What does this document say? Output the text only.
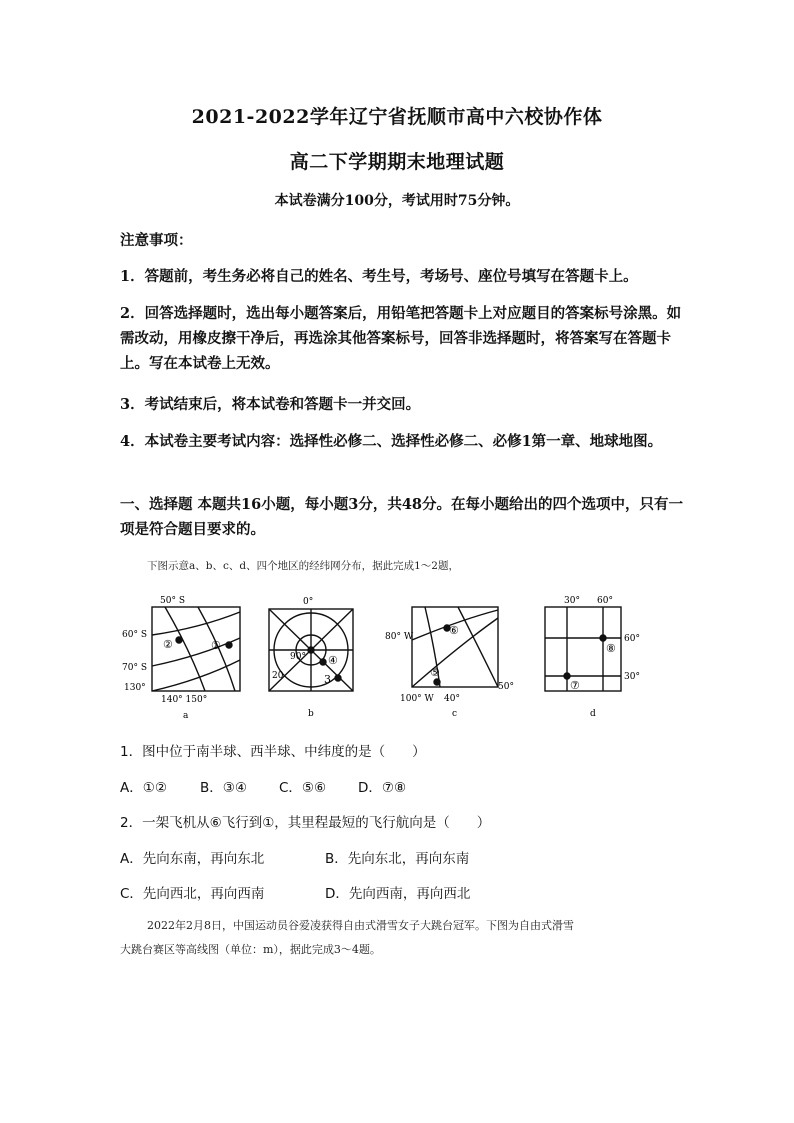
2021-2022学年辽宁省抚顺市高中六校协作体
高二下学期期末地理试题
本试卷满分100分，考试用时75分钟。
注意事项：
1．答题前，考生务必将自己的姓名、考生号，考场号、座位号填写在答题卡上。
2．回答选择题时，选出每小题答案后，用铅笔把答题卡上对应题目的答案标号涂黑。如需改动，用橡皮擦干净后，再选涂其他答案标号，回答非选择题时，将答案写在答题卡上。写在本试卷上无效。
3．考试结束后，将本试卷和答题卡一并交回。
4．本试卷主要考试内容：选择性必修二、选择性必修二、必修1第一章、地球地图。
一、选择题 本题共16小题，每小题3分，共48分。在每小题给出的四个选项中，只有一项是符合题目要求的。
下图示意a、b、c、d、四个地区的经纬网分布，据此完成1～2题，
50° S
60° S
70° S
130°
140° 150°
②	①
a
0°
90°
20	3
④
b
80° W
50°
100° W 40°
⑥
⑤
c
30° 60°
60°
30°
⑧
⑦
d
1．图中位于南半球、西半球、中纬度的是（　　）
A．①② B．③④ C．⑤⑥ D．⑦⑧
2．一架飞机从⑥飞行到①，其里程最短的飞行航向是（　　）
A．先向东南，再向东北	B．先向东北，再向东南
C．先向西北，再向西南	D．先向西南，再向西北
2022年2月8日，中国运动员谷爱凌获得自由式滑雪女子大跳台冠军。下图为自由式滑雪
大跳台赛区等高线图（单位：m），据此完成3～4题。
